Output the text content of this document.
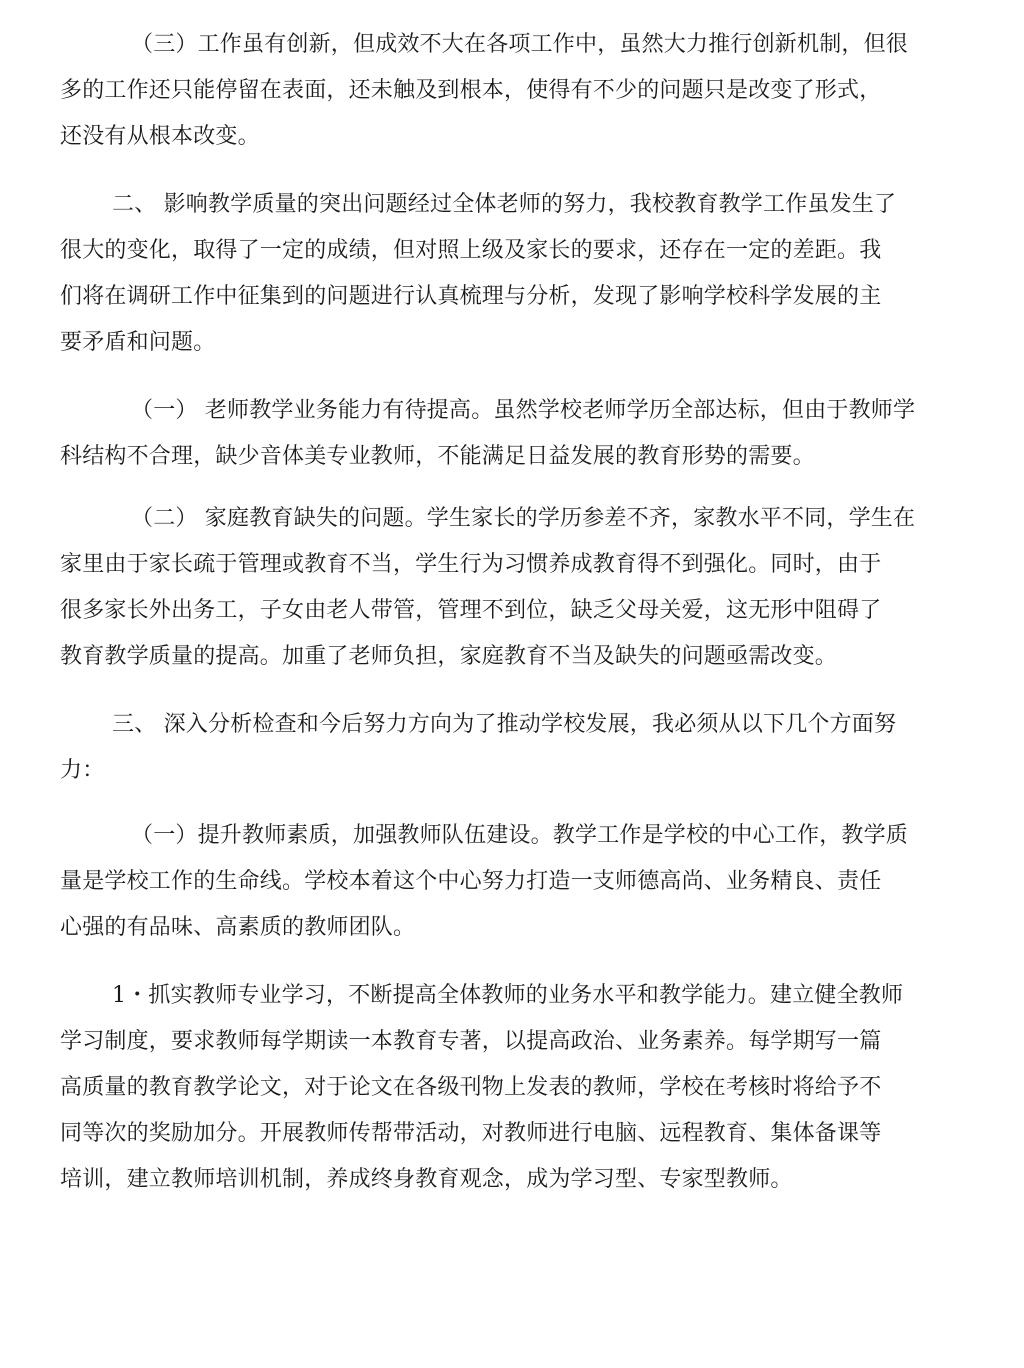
（三）工作虽有创新，但成效不大在各项工作中，虽然大力推行创新机制，但很
多的工作还只能停留在表面，还未触及到根本，使得有不少的问题只是改变了形式，
还没有从根本改变。
二、 影响教学质量的突出问题经过全体老师的努力，我校教育教学工作虽发生了
很大的变化，取得了一定的成绩，但对照上级及家长的要求，还存在一定的差距。我
们将在调研工作中征集到的问题进行认真梳理与分析，发现了影响学校科学发展的主
要矛盾和问题。
（一） 老师教学业务能力有待提高。虽然学校老师学历全部达标，但由于教师学
科结构不合理，缺少音体美专业教师，不能满足日益发展的教育形势的需要。
（二） 家庭教育缺失的问题。学生家长的学历参差不齐，家教水平不同，学生在
家里由于家长疏于管理或教育不当，学生行为习惯养成教育得不到强化。同时，由于
很多家长外出务工，子女由老人带管，管理不到位，缺乏父母关爱，这无形中阻碍了
教育教学质量的提高。加重了老师负担，家庭教育不当及缺失的问题亟需改变。
三、 深入分析检查和今后努力方向为了推动学校发展，我必须从以下几个方面努
力：
（一）提升教师素质，加强教师队伍建设。教学工作是学校的中心工作，教学质
量是学校工作的生命线。学校本着这个中心努力打造一支师德高尚、业务精良、责任
心强的有品味、高素质的教师团队。
1・抓实教师专业学习，不断提高全体教师的业务水平和教学能力。建立健全教师
学习制度，要求教师每学期读一本教育专著，以提高政治、业务素养。每学期写一篇
高质量的教育教学论文，对于论文在各级刊物上发表的教师，学校在考核时将给予不
同等次的奖励加分。开展教师传帮带活动，对教师进行电脑、远程教育、集体备课等
培训，建立教师培训机制，养成终身教育观念，成为学习型、专家型教师。
